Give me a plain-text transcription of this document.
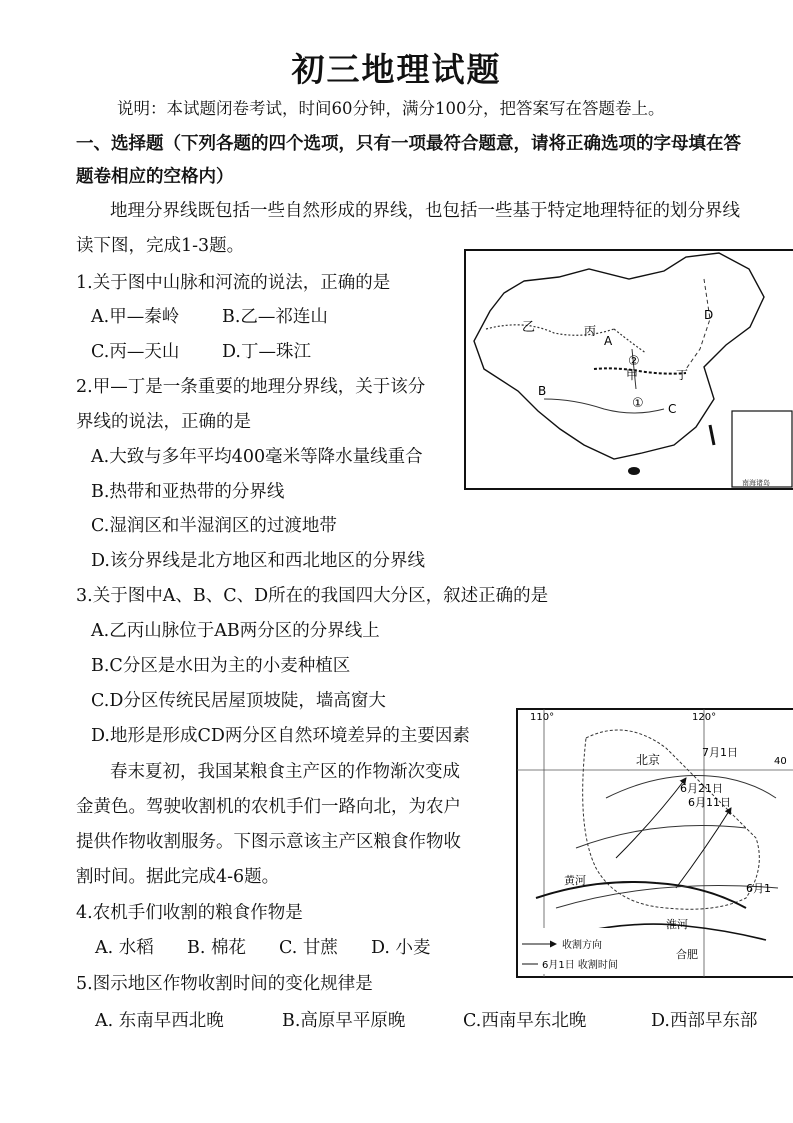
初三地理试题
说明：本试题闭卷考试，时间60分钟，满分100分，把答案写在答题卷上。
一、选择题（下列各题的四个选项，只有一项最符合题意，请将正确选项的字母填在答
题卷相应的空格内）
地理分界线既包括一些自然形成的界线，也包括一些基于特定地理特征的划分界线
读下图，完成1-3题。
1.关于图中山脉和河流的说法，正确的是
A.甲—秦岭 B.乙—祁连山
C.丙—天山 D.丁—珠江
2.甲—丁是一条重要的地理分界线，关于该分
界线的说法，正确的是
A.大致与多年平均400毫米等降水量线重合
B.热带和亚热带的分界线
C.湿润区和半湿润区的过渡地带
D.该分界线是北方地区和西北地区的分界线
3.关于图中A、B、C、D所在的我国四大分区，叙述正确的是
A.乙丙山脉位于AB两分区的分界线上
B.C分区是水田为主的小麦种植区
C.D分区传统民居屋顶坡陡，墙高窗大
D.地形是形成CD两分区自然环境差异的主要因素
春末夏初，我国某粮食主产区的作物渐次变成
金黄色。驾驶收割机的农机手们一路向北，为农户
提供作物收割服务。下图示意该主产区粮食作物收
割时间。据此完成4-6题。
4.农机手们收割的粮食作物是
A. 水稻 B. 棉花 C. 甘蔗 D. 小麦
5.图示地区作物收割时间的变化规律是
A. 东南早西北晚	B.高原早平原晚	C.西南早东北晚	D.西部早东部
南海诸岛
乙	丙
甲	丁
②
①
D
B
C
A
110°	120°
40
北京
黄河
淮河
合肥
7月1日
6月21日
6月11日
6月1
收割方向
6月1日 收割时间
